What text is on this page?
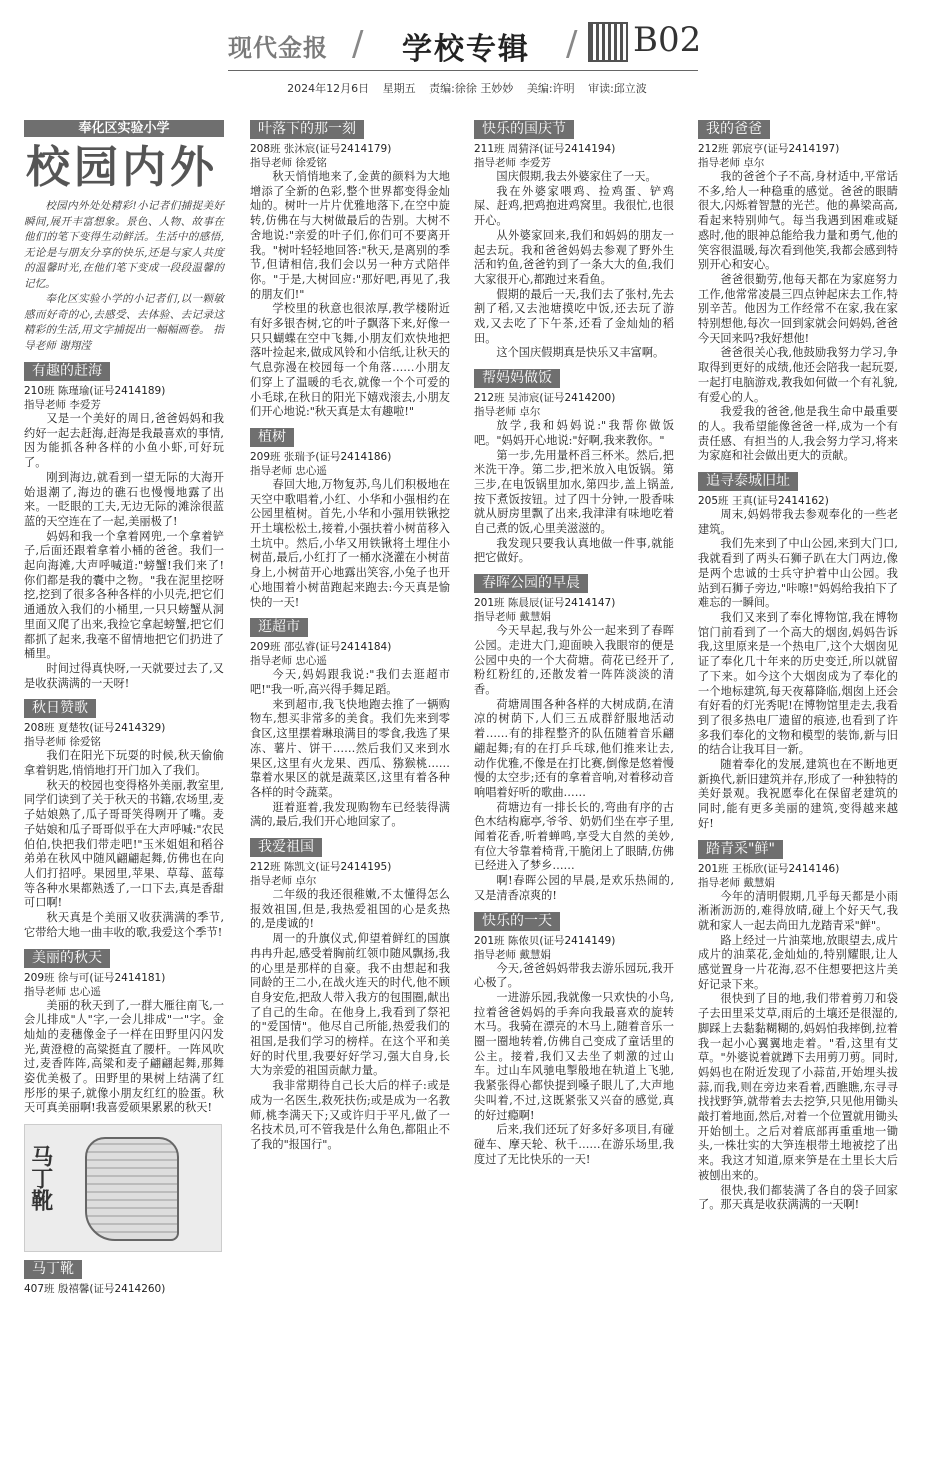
现代金报 / 学校专辑 / B02
2024年12月6日 星期五 责编:徐徐 王妙妙 美编:许明 审读:邱立波
奉化区实验小学
校园内外

校园内外处处精彩!小记者们捕捉美好瞬间,展开丰富想象。景色、人物、故事在他们的笔下变得生动鲜活。生活中的感悟,无论是与朋友分享的快乐,还是与家人共度的温馨时光,在他们笔下变成一段段温馨的记忆。

奉化区实验小学的小记者们,以一颗敏感而好奇的心,去感受、去体验、去记录这精彩的生活,用文字捕捉出一幅幅画卷。 指导老师 谢翔滢

有趣的赶海
210班 陈瑾瑜(证号2414189)
指导老师 李爱芳

又是一个美好的周日,爸爸妈妈和我约好一起去赶海,赶海是我最喜欢的事情,因为能抓各种各样的小鱼小虾,可好玩了。

刚到海边,就看到一望无际的大海开始退潮了,海边的礁石也慢慢地露了出来。一眨眼的工夫,无边无际的滩涂很蓝蓝的天空连在了一起,美丽极了!

妈妈和我一个拿着网兜,一个拿着铲子,后面还跟着拿着小桶的爸爸。我们一起向海滩,大声呼喊道:"螃蟹!我们来了!你们都是我的囊中之物。"我在泥里挖呀挖,挖到了很多各种各样的小贝壳,把它们通通放入我们的小桶里,一只只螃蟹从洞里面又爬了出来,我捡它拿起螃蟹,把它们都抓了起来,我毫不留情地把它们扔进了桶里。

时间过得真快呀,一天就要过去了,又是收获满满的一天呀!

秋日赞歌
208班 夏楚牧(证号2414329)
指导老师 徐爱铭

我们在阳光下玩耍的时候,秋天偷偷拿着钥匙,悄悄地打开门加入了我们。

秋天的校园也变得格外美丽,教室里,同学们读到了关于秋天的书籍,农场里,麦子姑娘熟了,瓜子哥哥笑得咧开了嘴。麦子姑娘和瓜子哥哥似乎在大声呼喊:"农民伯伯,快把我们带走吧!"玉米姐姐和稻谷弟弟在秋风中随风翩翩起舞,仿佛也在向人们打招呼。果园里,苹果、草莓、蓝莓等各种水果都熟透了,一口下去,真是香甜可口啊!

秋天真是个美丽又收获满满的季节,它带给大地一曲丰收的歌,我爱这个季节!

美丽的秋天
209班 徐与可(证号2414181)
指导老师 忠心遥

美丽的秋天到了,一群大雁往南飞,一会儿排成"人"字,一会儿排成"一"字。金灿灿的麦穗像金子一样在田野里闪闪发光,黄澄橙的高粱挺直了腰杆。一阵风吹过,麦香阵阵,高粱和麦子翩翩起舞,那舞姿优美极了。田野里的果树上结满了红彤彤的果子,就像小朋友红红的脸蛋。秋天可真美丽啊!我喜爱硕果累累的秋天!

马丁靴
马丁靴
407班 殷禧馨(证号2414260)
叶落下的那一刻
208班 张沐宸(证号2414179)
指导老师 徐爱铭

秋天悄悄地来了,金黄的颜料为大地增添了全新的色彩,整个世界都变得金灿灿的。树叶一片片优雅地落下,在空中旋转,仿佛在与大树做最后的告别。大树不舍地说:"亲爱的叶子们,你们可不要离开我。"树叶轻轻地回答:"秋天,是离别的季节,但请相信,我们会以另一种方式陪伴你。"于是,大树回应:"那好吧,再见了,我的朋友们!"

学校里的秋意也很浓厚,教学楼附近有好多银杏树,它的叶子飘落下来,好像一只只蝴蝶在空中飞舞,小朋友们欢快地把落叶捡起来,做成风铃和小信纸,让秋天的气息弥漫在校园每一个角落……小朋友们穿上了温暖的毛衣,就像一个个可爱的小毛球,在秋日的阳光下嬉戏滚去,小朋友们开心地说:"秋天真是太有趣啦!"

植树
209班 张瑞予(证号2414186)
指导老师 忠心遥

春回大地,万物复苏,鸟儿们积极地在天空中歌唱着,小红、小华和小强相约在公园里植树。首先,小华和小强用铁锹挖开土壤松松土,接着,小强扶着小树苗移入土坑中。然后,小华又用铁锹将土埋住小树苗,最后,小红打了一桶水浇灌在小树苗身上,小树苗开心地露出笑容,小兔子也开心地围着小树苗跑起来跑去:今天真是愉快的一天!

逛超市
209班 邵弘睿(证号2414184)
指导老师 忠心遥

今天,妈妈跟我说:"我们去逛超市吧!"我一听,高兴得手舞足蹈。

来到超市,我飞快地跑去推了一辆购物车,想买非常多的美食。我们先来到零食区,这里摆着琳琅满目的零食,我选了果冻、薯片、饼干……然后我们又来到水果区,这里有火龙果、西瓜、猕猴桃……靠着水果区的就是蔬菜区,这里有着各种各样的时令蔬菜。

逛着逛着,我发现购物车已经装得满满的,最后,我们开心地回家了。

我爱祖国
212班 陈凯文(证号2414195)
指导老师 卓尔

二年级的我还很稚嫩,不太懂得怎么报效祖国,但是,我热爱祖国的心是炙热的,是虔诚的!

周一的升旗仪式,仰望着鲜红的国旗冉冉升起,感受着胸前红领巾随风飘扬,我的心里是那样的自豪。我不由想起和我同龄的王二小,在战火连天的时代,他不顾自身安危,把敌人带入我方的包围圈,献出了自己的生命。在他身上,我看到了祭祀的"爱国情"。他尽自己所能,热爱我们的祖国,是我们学习的榜样。在这个平和美好的时代里,我要好好学习,强大自身,长大为亲爱的祖国贡献力量。

我非常期待自己长大后的样子:或是成为一名医生,救死扶伤;或是成为一名教师,桃李满天下;又或许归于平凡,做了一名技术员,可不管我是什么角色,都阻止不了我的"报国行"。

快乐的国庆节
211班 周猜泽(证号2414194)
指导老师 李爱芳

国庆假期,我去外婆家住了一天。

我在外婆家喂鸡、捡鸡蛋、铲鸡屎、赶鸡,把鸡抱进鸡窝里。我很忙,也很开心。

从外婆家回来,我们和妈妈的朋友一起去玩。我和爸爸妈妈去参观了野外生活和钓鱼,爸爸钓到了一条大大的鱼,我们大家很开心,都跑过来看鱼。

假期的最后一天,我们去了张村,先去割了稻,又去池塘摸吃中饭,还去玩了游戏,又去吃了下午茶,还看了金灿灿的稻田。

这个国庆假期真是快乐又丰富啊。

帮妈妈做饭
212班 吴沛宸(证号2414200)
指导老师 卓尔

放学,我和妈妈说:"我帮你做饭吧。"妈妈开心地说:"好啊,我来教你。"

第一步,先用量杯舀三杯米。然后,把米洗干净。第二步,把米放入电饭锅。第三步,在电饭锅里加水,第四步,盖上锅盖,按下煮饭按钮。过了四十分钟,一股香味就从厨房里飘了出来,我津津有味地吃着自己煮的饭,心里美滋滋的。

我发现只要我认真地做一件事,就能把它做好。

春晖公园的早晨
201班 陈晨辰(证号2414147)
指导老师 戴慧娟

今天早起,我与外公一起来到了春晖公园。走进大门,迎面映入我眼帘的便是公园中央的一个大荷塘。荷花已经开了,粉红粉红的,还散发着一阵阵淡淡的清香。

荷塘周围各种各样的大树成荫,在清凉的树荫下,人们三五成群舒服地活动着……有的排程整齐的队伍随着音乐翩翩起舞;有的在打乒乓球,他们推来让去,动作优雅,不像是在打比赛,倒像是悠着慢慢的太空步;还有的拿着音响,对着移动音响唱着好听的歌曲……

荷塘边有一排长长的,弯曲有序的古色木结构廊亭,爷爷、奶奶们坐在亭子里,闻着花香,听着蝉鸣,享受大自然的美妙,有位大爷靠着椅背,干脆闭上了眼睛,仿佛已经进入了梦乡……

啊!春晖公园的早晨,是欢乐热闹的,又是清香凉爽的!

快乐的一天
201班 陈侬贝(证号2414149)
指导老师 戴慧娟

今天,爸爸妈妈带我去游乐园玩,我开心极了。

一进游乐园,我就像一只欢快的小鸟,拉着爸爸妈妈的手奔向我最喜欢的旋转木马。我骑在漂亮的木马上,随着音乐一圈一圈地转着,仿佛自己变成了童话里的公主。接着,我们又去坐了刺激的过山车。过山车风驰电掣般地在轨道上飞驰,我紧张得心都快提到嗓子眼儿了,大声地尖叫着,不过,这既紧张又兴奋的感觉,真的好过瘾啊!

后来,我们还玩了好多好多项目,有碰碰车、摩天轮、秋千……在游乐场里,我度过了无比快乐的一天!

我的爸爸
212班 郭宸亨(证号2414197)
指导老师 卓尔

我的爸爸个子不高,身材适中,平常话不多,给人一种稳重的感觉。爸爸的眼睛很大,闪烁着智慧的光芒。他的鼻梁高高,看起来特别帅气。每当我遇到困难或疑惑时,他的眼神总能给我力量和勇气,他的笑容很温暖,每次看到他笑,我都会感到特别开心和安心。

爸爸很勤劳,他每天都在为家庭努力工作,他常常凌晨三四点钟起床去工作,特别辛苦。他因为工作经常不在家,我在家特别想他,每次一回到家就会问妈妈,爸爸今天回来吗?我好想他!

爸爸很关心我,他鼓励我努力学习,争取得到更好的成绩,他还会陪我一起玩耍,一起打电脑游戏,教我如何做一个有礼貌,有爱心的人。

我爱我的爸爸,他是我生命中最重要的人。我希望能像爸爸一样,成为一个有责任感、有担当的人,我会努力学习,将来为家庭和社会做出更大的贡献。

追寻泰城旧址
205班 王真(证号2414162)

周末,妈妈带我去参观奉化的一些老建筑。

我们先来到了中山公园,来到大门口,我就看到了两头石狮子趴在大门两边,像是两个忠诚的士兵守护着中山公园。我站到石狮子旁边,"咔嚓!"妈妈给我拍下了难忘的一瞬间。

我们又来到了奉化博物馆,我在博物馆门前看到了一个高大的烟囱,妈妈告诉我,这里原来是一个热电厂,这个大烟囱见证了奉化几十年来的历史变迁,所以就留了下来。如今这个大烟囱成为了奉化的一个地标建筑,每天夜幕降临,烟囱上还会有好看的灯光秀呢!在博物馆里走去,我看到了很多热电厂遗留的痕迹,也看到了许多我们奉化的文物和模型的装饰,新与旧的结合让我耳目一新。

随着奉化的发展,建筑也在不断地更新换代,新旧建筑并存,形成了一种独特的美好景观。我祝愿奉化在保留老建筑的同时,能有更多美丽的建筑,变得越来越好!

踏青采"鲜"
201班 王栎欣(证号2414146)
指导老师 戴慧娟

今年的清明假期,几乎每天都是小雨淅淅沥沥的,难得放晴,碰上个好天气,我就和家人一起去尚田九龙踏青采"鲜"。

路上经过一片油菜地,放眼望去,成片成片的油菜花,金灿灿的,特别耀眼,让人感觉置身一片花海,忍不住想要把这片美好记录下来。

很快到了目的地,我们带着剪刀和袋子去田里采艾草,雨后的土壤还是很湿的,脚踩上去黏黏糊糊的,妈妈怕我摔倒,拉着我一起小心翼翼地走着。"看,这里有艾草。"外婆说着就蹲下去用剪刀剪。同时,妈妈也在附近发现了小蒜苗,开始埋头拔蒜,而我,则在旁边来看着,西瞧瞧,东寻寻找找野笋,就带着去去挖笋,只见他用锄头敲打着地面,然后,对着一个位置就用锄头开始刨土。之后对着底部再重重地一锄头,一株壮实的大笋连根带土地被挖了出来。我这才知道,原来笋是在土里长大后被刨出来的。

很快,我们都装满了各自的袋子回家了。那天真是收获满满的一天啊!
